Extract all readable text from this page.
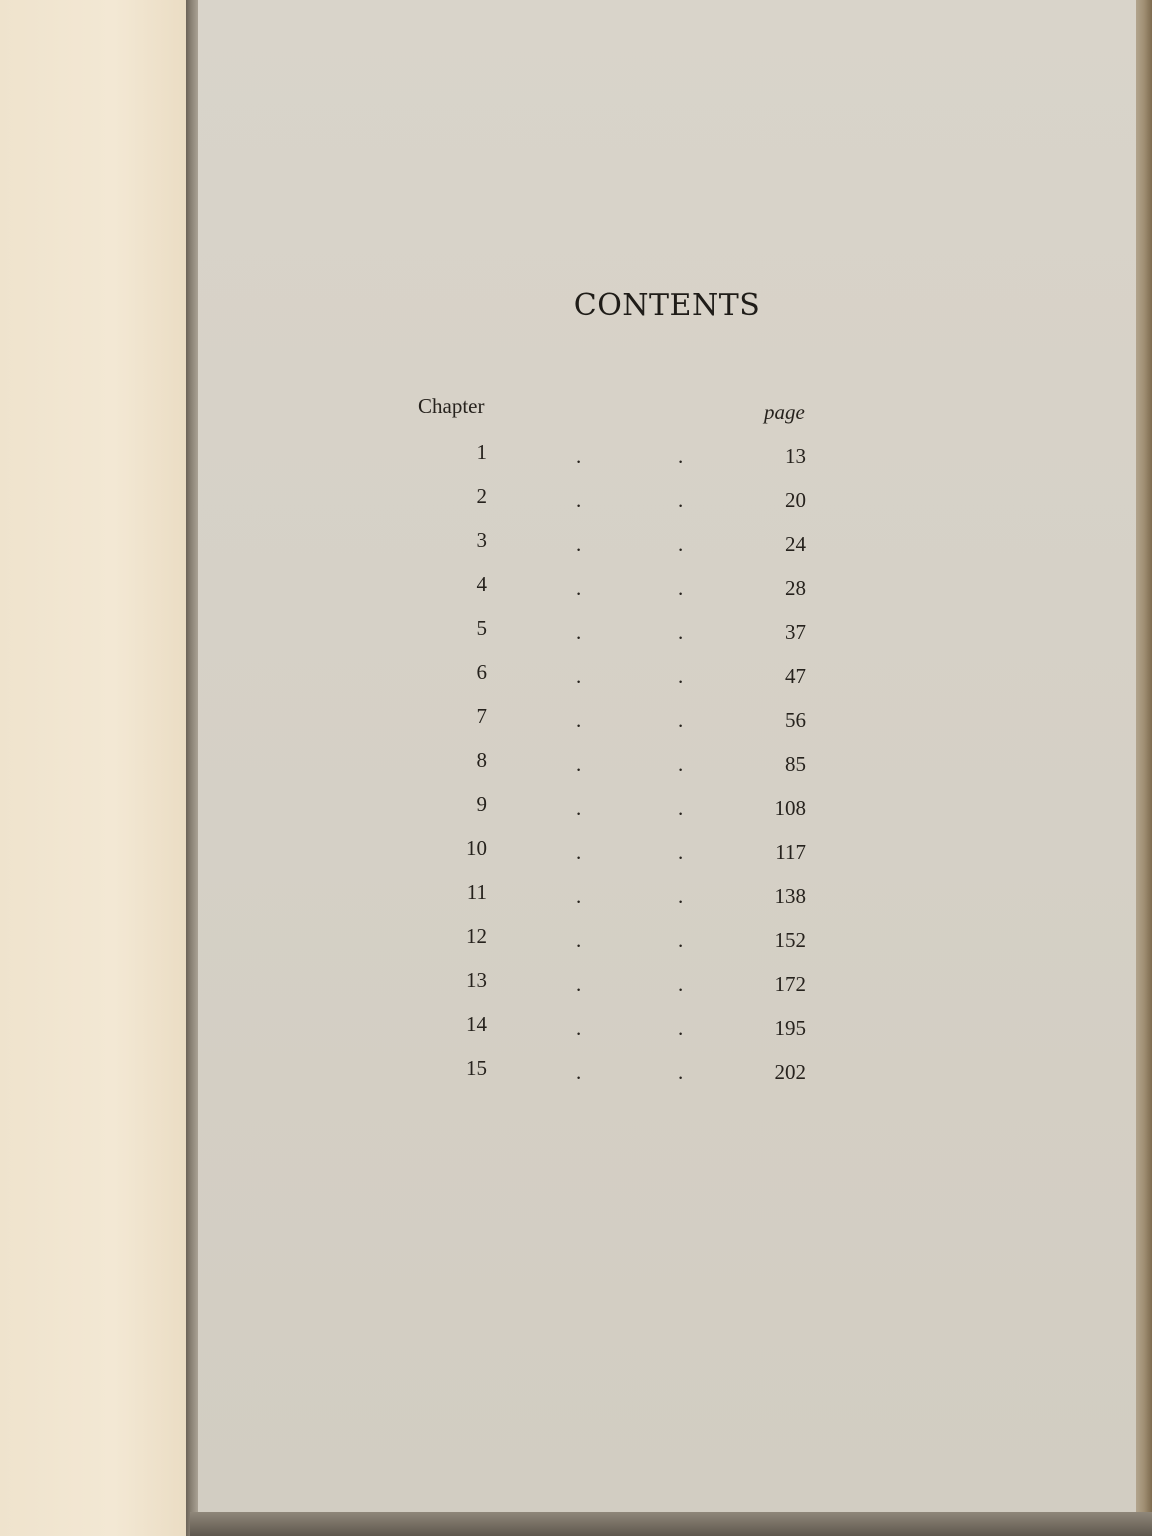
CONTENTS
Chapter	page
1	.	.	13
2	.	.	20
3	.	.	24
4	.	.	28
5	.	.	37
6	.	.	47
7	.	.	56
8	.	.	85
9	.	.	108
10	.	.	117
11	.	.	138
12	.	.	152
13	.	.	172
14	.	.	195
15	.	.	202
